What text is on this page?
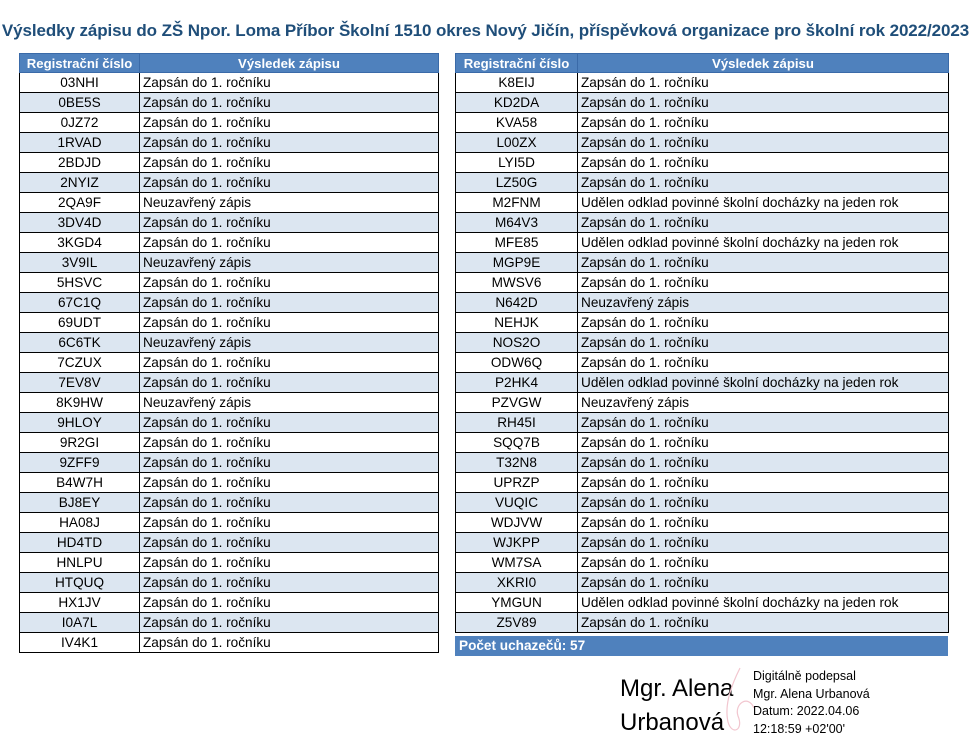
Výsledky zápisu do ZŠ Npor. Loma Příbor Školní 1510 okres Nový Jičín, příspěvková organizace pro školní rok 2022/2023
Registrační číslo	Výsledek zápisu
03NHI	Zapsán do 1. ročníku
0BE5S	Zapsán do 1. ročníku
0JZ72	Zapsán do 1. ročníku
1RVAD	Zapsán do 1. ročníku
2BDJD	Zapsán do 1. ročníku
2NYIZ	Zapsán do 1. ročníku
2QA9F	Neuzavřený zápis
3DV4D	Zapsán do 1. ročníku
3KGD4	Zapsán do 1. ročníku
3V9IL	Neuzavřený zápis
5HSVC	Zapsán do 1. ročníku
67C1Q	Zapsán do 1. ročníku
69UDT	Zapsán do 1. ročníku
6C6TK	Neuzavřený zápis
7CZUX	Zapsán do 1. ročníku
7EV8V	Zapsán do 1. ročníku
8K9HW	Neuzavřený zápis
9HLOY	Zapsán do 1. ročníku
9R2GI	Zapsán do 1. ročníku
9ZFF9	Zapsán do 1. ročníku
B4W7H	Zapsán do 1. ročníku
BJ8EY	Zapsán do 1. ročníku
HA08J	Zapsán do 1. ročníku
HD4TD	Zapsán do 1. ročníku
HNLPU	Zapsán do 1. ročníku
HTQUQ	Zapsán do 1. ročníku
HX1JV	Zapsán do 1. ročníku
I0A7L	Zapsán do 1. ročníku
IV4K1	Zapsán do 1. ročníku
Registrační číslo	Výsledek zápisu
K8EIJ	Zapsán do 1. ročníku
KD2DA	Zapsán do 1. ročníku
KVA58	Zapsán do 1. ročníku
L00ZX	Zapsán do 1. ročníku
LYI5D	Zapsán do 1. ročníku
LZ50G	Zapsán do 1. ročníku
M2FNM	Udělen odklad povinné školní docházky na jeden rok
M64V3	Zapsán do 1. ročníku
MFE85	Udělen odklad povinné školní docházky na jeden rok
MGP9E	Zapsán do 1. ročníku
MWSV6	Zapsán do 1. ročníku
N642D	Neuzavřený zápis
NEHJK	Zapsán do 1. ročníku
NOS2O	Zapsán do 1. ročníku
ODW6Q	Zapsán do 1. ročníku
P2HK4	Udělen odklad povinné školní docházky na jeden rok
PZVGW	Neuzavřený zápis
RH45I	Zapsán do 1. ročníku
SQQ7B	Zapsán do 1. ročníku
T32N8	Zapsán do 1. ročníku
UPRZP	Zapsán do 1. ročníku
VUQIC	Zapsán do 1. ročníku
WDJVW	Zapsán do 1. ročníku
WJKPP	Zapsán do 1. ročníku
WM7SA	Zapsán do 1. ročníku
XKRI0	Zapsán do 1. ročníku
YMGUN	Udělen odklad povinné školní docházky na jeden rok
Z5V89	Zapsán do 1. ročníku
Počet uchazečů: 57
Mgr. Alena
Urbanová
Digitálně podepsal
Mgr. Alena Urbanová
Datum: 2022.04.06
12:18:59 +02'00'
